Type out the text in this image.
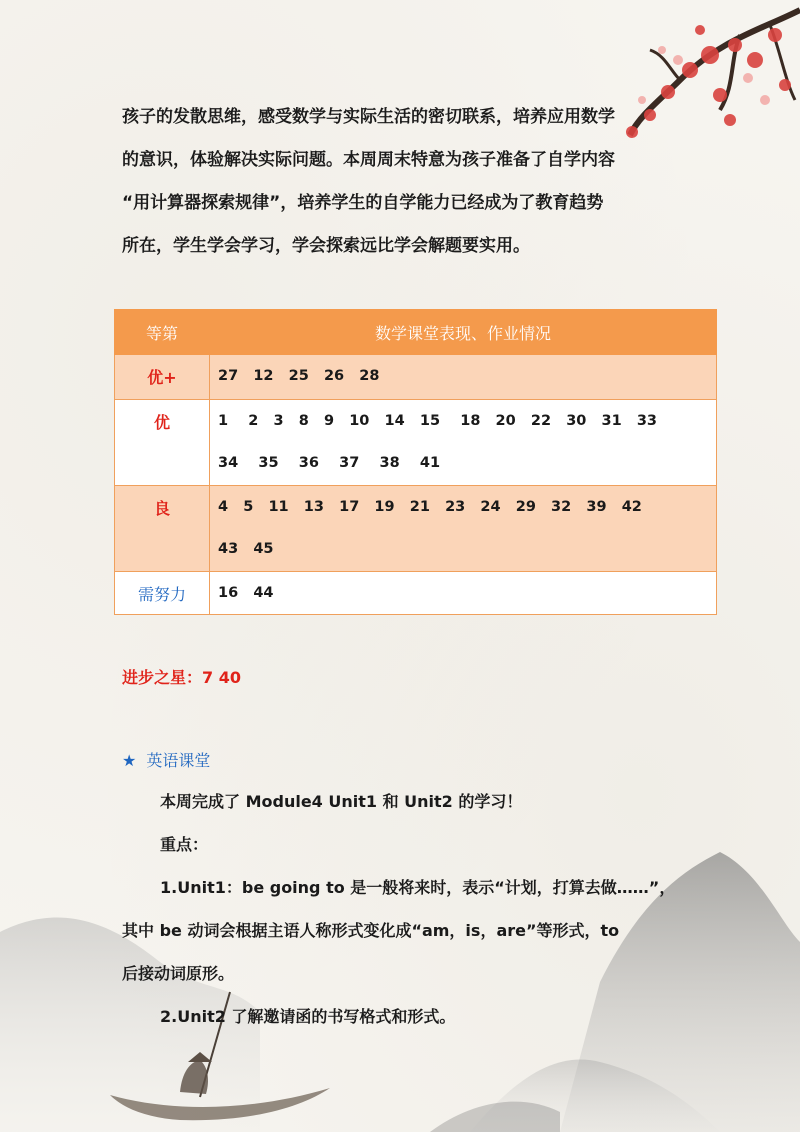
孩子的发散思维，感受数学与实际生活的密切联系，培养应用数学
的意识，体验解决实际问题。本周周末特意为孩子准备了自学内容
“用计算器探索规律”，培养学生的自学能力已经成为了教育趋势
所在，学生学会学习，学会探索远比学会解题要实用。
等第	数学课堂表现、作业情况

优+	27   12   25   26   28

优	1    2   3   8   9   10   14   15    18   20   22   30   31   33
34    35    36    37    38    41

良	4   5   11   13   17   19   21   23   24   29   32   39   42
43   45

需努力	16   44
进步之星：7 40
★ 英语课堂
本周完成了 Module4 Unit1 和 Unit2 的学习！
重点：
1.Unit1：be going to 是一般将来时，表示“计划，打算去做……”，
其中 be 动词会根据主语人称形式变化成“am，is，are”等形式，to
后接动词原形。
2.Unit2 了解邀请函的书写格式和形式。
